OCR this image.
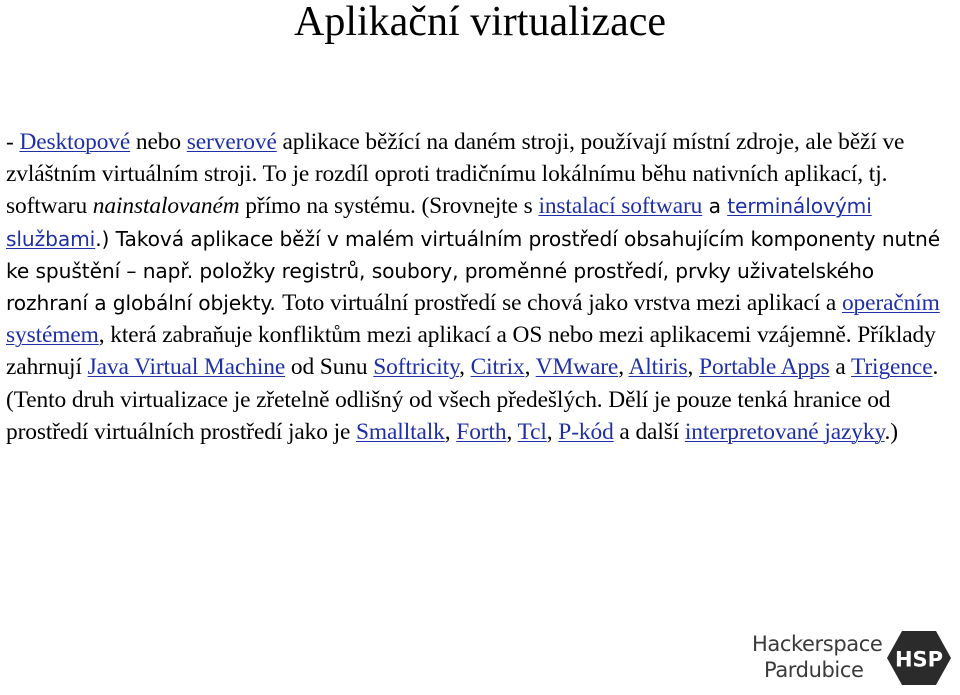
Aplikační virtualizace

- Desktopové nebo serverové aplikace běžící na daném stroji, používají místní zdroje, ale běží ve zvláštním virtuálním stroji. To je rozdíl oproti tradičnímu lokálnímu běhu nativních aplikací, tj. softwaru nainstalovaném přímo na systému. (Srovnejte s instalací softwaru a terminálovými službami.) Taková aplikace běží v malém virtuálním prostředí obsahujícím komponenty nutné ke spuštění – např. položky registrů, soubory, proměnné prostředí, prvky uživatelského rozhraní a globální objekty. Toto virtuální prostředí se chová jako vrstva mezi aplikací a operačním systémem, která zabraňuje konfliktům mezi aplikací a OS nebo mezi aplikacemi vzájemně. Příklady zahrnují Java Virtual Machine od Sunu Softricity, Citrix, VMware, Altiris, Portable Apps a Trigence. (Tento druh virtualizace je zřetelně odlišný od všech předešlých. Dělí je pouze tenká hranice od prostředí virtuálních prostředí jako je Smalltalk, Forth, Tcl, P-kód a další interpretované jazyky.)

Hackerspace
Pardubice	HSP
